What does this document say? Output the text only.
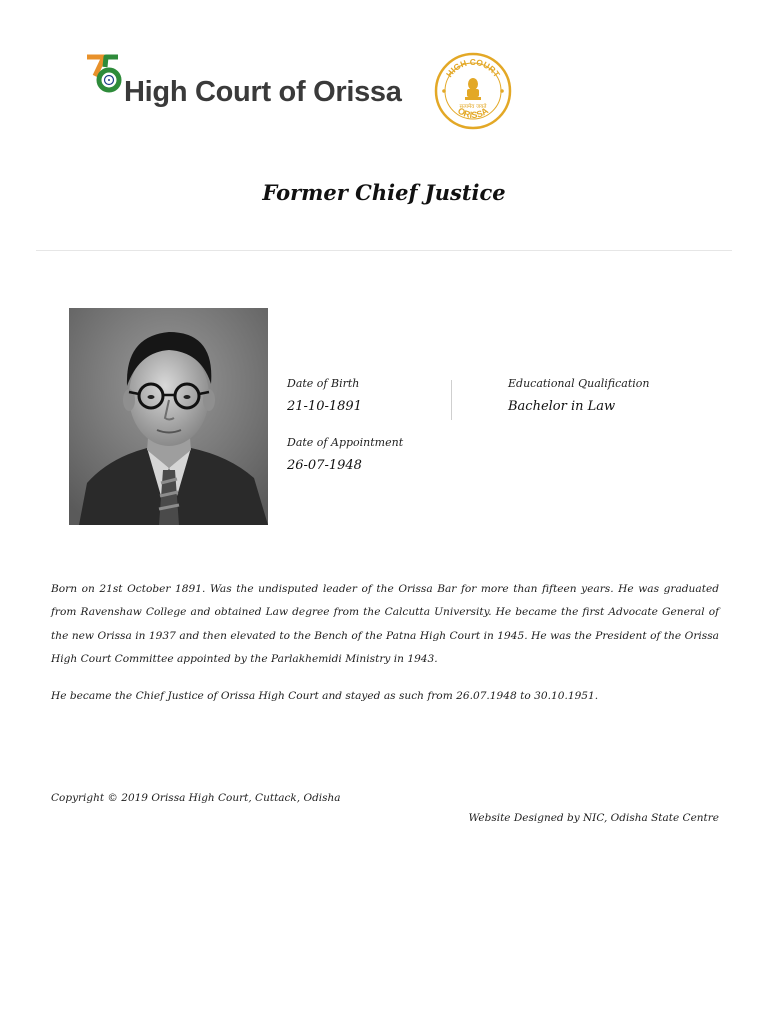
High Court of Orissa
HIGH COURT
ORISSA
सत्यमेव जयते
Former Chief Justice
Date of Birth
21-10-1891
Educational Qualification
Bachelor in Law
Date of Appointment
26-07-1948

Born on 21st October 1891. Was the undisputed leader of the Orissa Bar for more than fifteen years. He was graduated from Ravenshaw College and obtained Law degree from the Calcutta University. He became the first Advocate General of the new Orissa in 1937 and then elevated to the Bench of the Patna High Court in 1945. He was the President of the Orissa High Court Committee appointed by the Parlakhemidi Ministry in 1943.

He became the Chief Justice of Orissa High Court and stayed as such from 26.07.1948 to 30.10.1951.

Copyright © 2019 Orissa High Court, Cuttack, Odisha
Website Designed by NIC, Odisha State Centre
